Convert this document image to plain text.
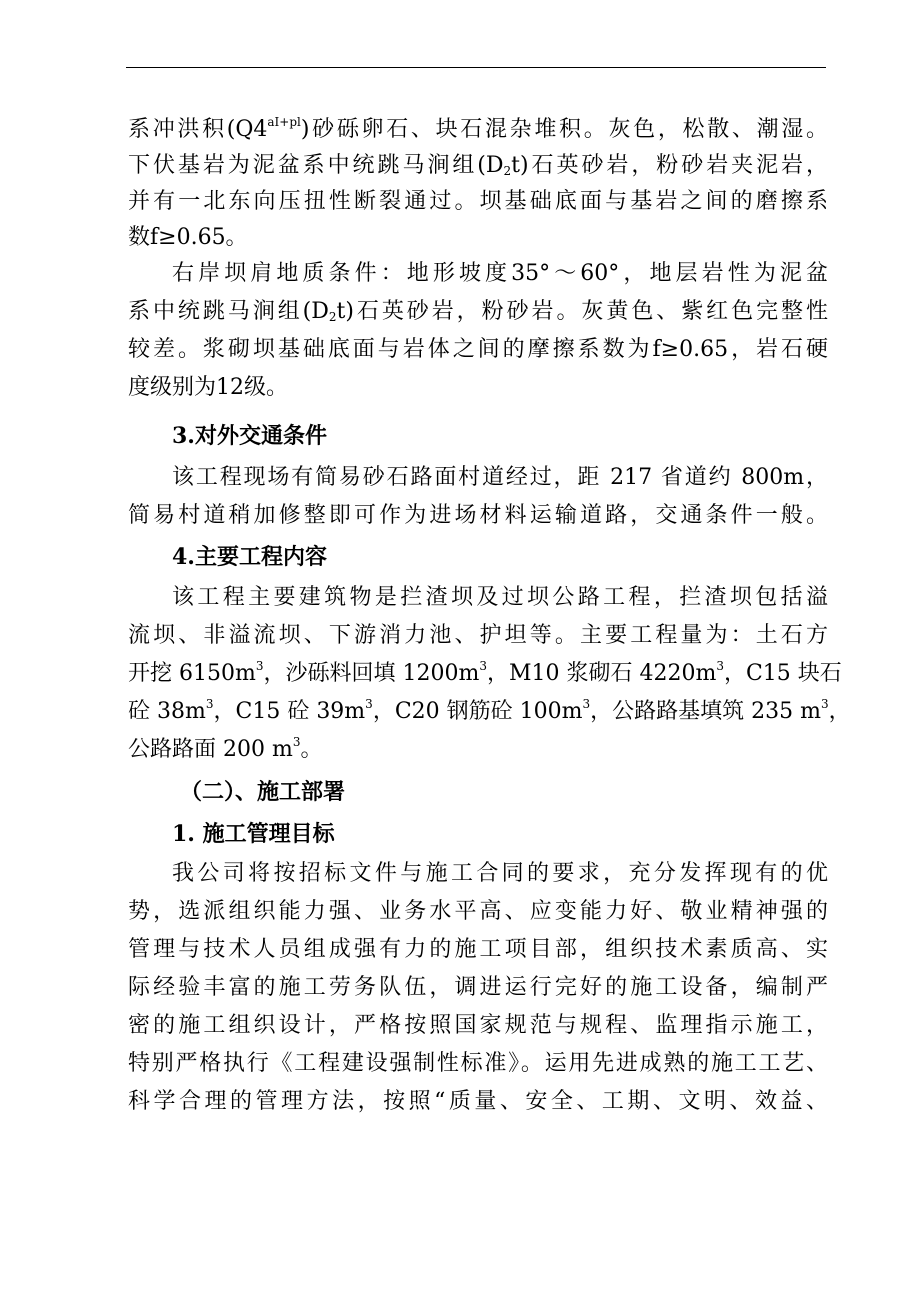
系冲洪积$(Q4^{aI+pl})$砂砾卵石、块石混杂堆积。灰色，松散、潮湿。
下伏基岩为泥盆系中统跳马涧组$(D_2t)$石英砂岩，粉砂岩夹泥岩，
并有一北东向压扭性断裂通过。坝基础底面与基岩之间的磨擦系
数f≥0.65。
右岸坝肩地质条件：地形坡度35°～60°，地层岩性为泥盆
系中统跳马涧组$(D_2t)$石英砂岩，粉砂岩。灰黄色、紫红色完整性
较差。浆砌坝基础底面与岩体之间的摩擦系数为f≥0.65，岩石硬
度级别为12级。
3.对外交通条件
该工程现场有简易砂石路面村道经过，距 217 省道约 800m，
简易村道稍加修整即可作为进场材料运输道路，交通条件一般。
4.主要工程内容
该工程主要建筑物是拦渣坝及过坝公路工程，拦渣坝包括溢
流坝、非溢流坝、下游消力池、护坦等。主要工程量为：土石方
开挖 $6150m^3$，沙砾料回填 $1200m^3$，M10 浆砌石 $4220m^3$，C15 块石
砼 $38m^3$，C15 砼 $39m^3$，C20 钢筋砼 $100m^3$，公路路基填筑 235 $m^3$，
公路路面 200 $m^3$。
（二）、施工部署
1. 施工管理目标
我公司将按招标文件与施工合同的要求，充分发挥现有的优
势，选派组织能力强、业务水平高、应变能力好、敬业精神强的
管理与技术人员组成强有力的施工项目部，组织技术素质高、实
际经验丰富的施工劳务队伍，调进运行完好的施工设备，编制严
密的施工组织设计，严格按照国家规范与规程、监理指示施工，
特别严格执行《工程建设强制性标准》。运用先进成熟的施工工艺、
科学合理的管理方法，按照“质量、安全、工期、文明、效益、
